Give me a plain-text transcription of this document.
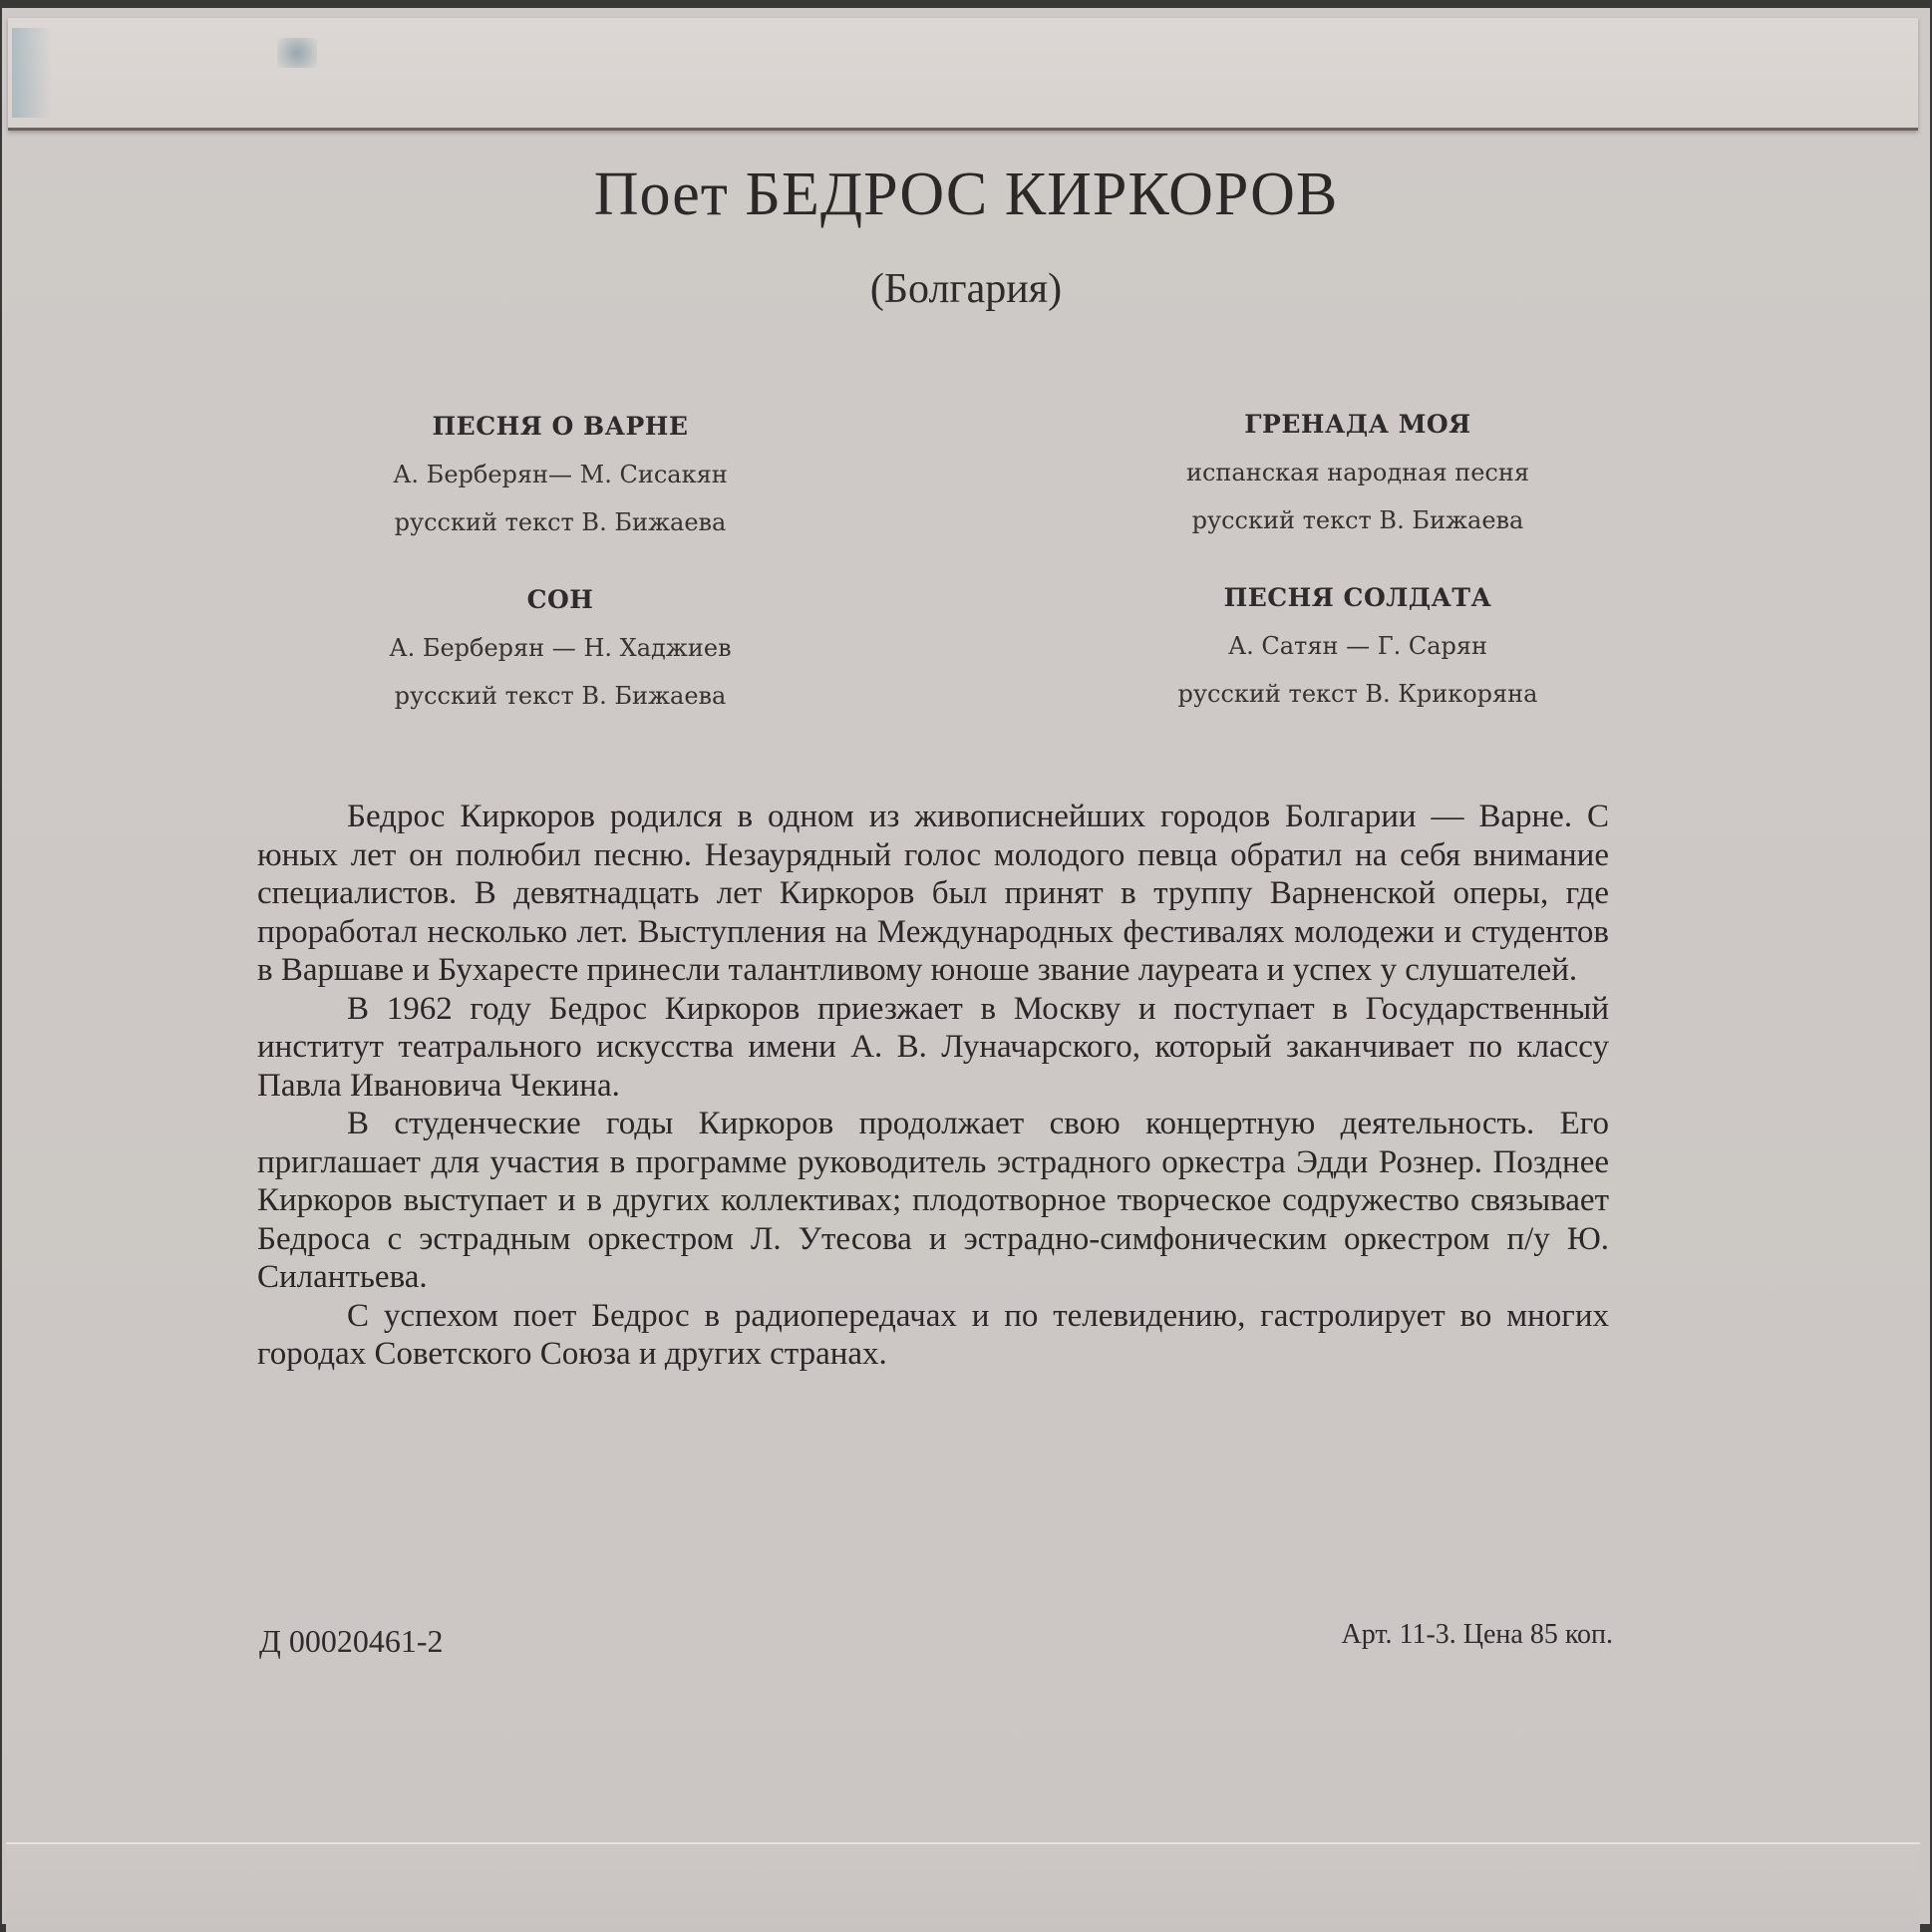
Поет БЕДРОС КИРКОРОВ
(Болгария)
ПЕСНЯ О ВАРНЕ
А. Берберян— М. Сисакян
русский текст В. Бижаева
ГРЕНАДА МОЯ
испанская народная песня
русский текст В. Бижаева
СОН
А. Берберян — Н. Хаджиев
русский текст В. Бижаева
ПЕСНЯ СОЛДАТА
А. Сатян — Г. Сарян
русский текст В. Крикоряна

Бедрос Киркоров родился в одном из живописнейших городов Болгарии — Варне. С юных лет он полюбил песню. Незаурядный голос молодого певца обратил на себя внимание специалистов. В девятнадцать лет Киркоров был принят в труппу Варненской оперы, где проработал несколько лет. Выступления на Международных фестивалях молодежи и студентов в Варшаве и Бухаресте принесли талантливому юноше звание лауреата и успех у слушателей.

В 1962 году Бедрос Киркоров приезжает в Москву и поступает в Государственный институт театрального искусства имени А. В. Луначарского, который заканчивает по классу Павла Ивановича Чекина.

В студенческие годы Киркоров продолжает свою концертную деятельность. Его приглашает для участия в программе руководитель эстрадного оркестра Эдди Рознер. Позднее Киркоров выступает и в других коллективах; плодотворное творческое содружество связывает Бедроса с эстрадным оркестром Л. Утесова и эстрадно-симфоническим оркестром п/у Ю. Силантьева.

С успехом поет Бедрос в радиопередачах и по телевидению, гастролирует во многих городах Советского Союза и других странах.

Д 00020461-2	Арт. 11-3. Цена 85 коп.
